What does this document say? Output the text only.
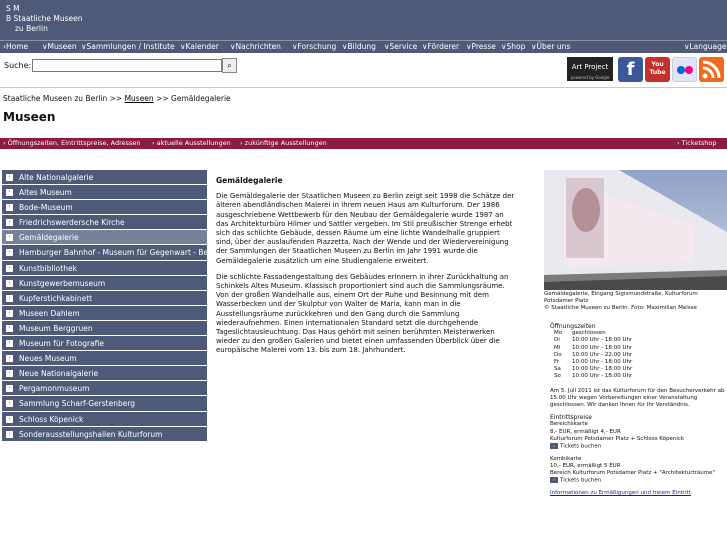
S M
B Staatliche Museen
zu Berlin
›Home ∨Museen ∨Sammlungen / Institute ∨Kalender ∨Nachrichten ∨Forschung ∨Bildung ∨Service ∨Förderer ∨Presse ∨Shop ∨Über uns	∨Language
Suche:	⌕	Art Project
powered by Google f	You
Tube
Staatliche Museen zu Berlin >> Museen >> Gemäldegalerie
Museen
› Öffnungszeiten, Eintrittspreise, Adressen › aktuelle Ausstellungen › zukünftige Ausstellungen	› Ticketshop
›	Alte Nationalgalerie
›	Altes Museum
›	Bode-Museum
›	Friedrichswerdersche Kirche
›	Gemäldegalerie
›	Hamburger Bahnhof - Museum für Gegenwart - Berlin
›	Kunstbibliothek
›	Kunstgewerbemuseum
›	Kupferstichkabinett
›	Museen Dahlem
›	Museum Berggruen
›	Museum für Fotografie
›	Neues Museum
›	Neue Nationalgalerie
›	Pergamonmuseum
›	Sammlung Scharf-Gerstenberg
›	Schloss Köpenick
›	Sonderausstellungshallen Kulturforum
Gemäldegalerie

Die Gemäldegalerie der Staatlichen Museen zu Berlin zeigt seit 1998 die Schätze der älteren abendländischen Malerei in ihrem neuen Haus am Kulturforum. Der 1986 ausgeschriebene Wettbewerb für den Neubau der Gemäldegalerie wurde 1987 an das Architekturbüro Hilmer und Sattler vergeben. Im Stil preußischer Strenge erhebt sich das schlichte Gebäude, dessen Räume um eine lichte Wandelhalle gruppiert sind, über der auslaufenden Piazzetta. Nach der Wende und der Wiedervereinigung der Sammlungen der Staatlichen Museen zu Berlin im Jahr 1991 wurde die Gemäldegalerie zusätzlich um eine Studiengalerie erweitert.

Die schlichte Fassadengestaltung des Gebäudes erinnern in ihrer Zurückhaltung an Schinkels Altes Museum. Klassisch proportioniert sind auch die Sammlungsräume. Von der großen Wandelhalle aus, einem Ort der Ruhe und Besinnung mit dem Wasserbecken und der Skulptur von Walter de Maria, kann man in die Ausstellungsräume zurückkehren und den Gang durch die Sammlung wiederaufnehmen. Einen internationalen Standard setzt die durchgehende Tageslichtausleuchtung. Das Haus gehört mit seinen berühmten Meisterwerken wieder zu den großen Galerien und bietet einen umfassenden Überblick über die europäische Malerei vom 13. bis zum 18. Jahrhundert.

Gemäldegalerie, Eingang Sigismundstraße, Kulturforum Potsdamer Platz
© Staatliche Museen zu Berlin. Foto: Maximilian Meisse
Öffnungszeiten
Mo geschlossen
Di 10:00 Uhr - 18:00 Uhr
Mi 10:00 Uhr - 18:00 Uhr
Do 10:00 Uhr - 22:00 Uhr
Fr 10:00 Uhr - 18:00 Uhr
Sa 10:00 Uhr - 18:00 Uhr
So 10:00 Uhr - 18:00 Uhr
Am 5. Juli 2011 ist das Kulturforum für den Besucherverkehr ab 15.00 Uhr wegen Vorbereitungen einer Veranstaltung geschlossen. Wir danken Ihnen für Ihr Verständnis.
Eintrittspreise
Bereichskarte
8,- EUR, ermäßigt 4,- EUR
Kulturforum Potsdamer Platz + Schloss Köpenick
› Tickets buchen
Kombikarte
10,- EUR, ermäßigt 5 EUR
Bereich Kulturforum Potsdamer Platz + "Architekturträume"
› Tickets buchen
Informationen zu Ermäßigungen und freiem Eintritt
